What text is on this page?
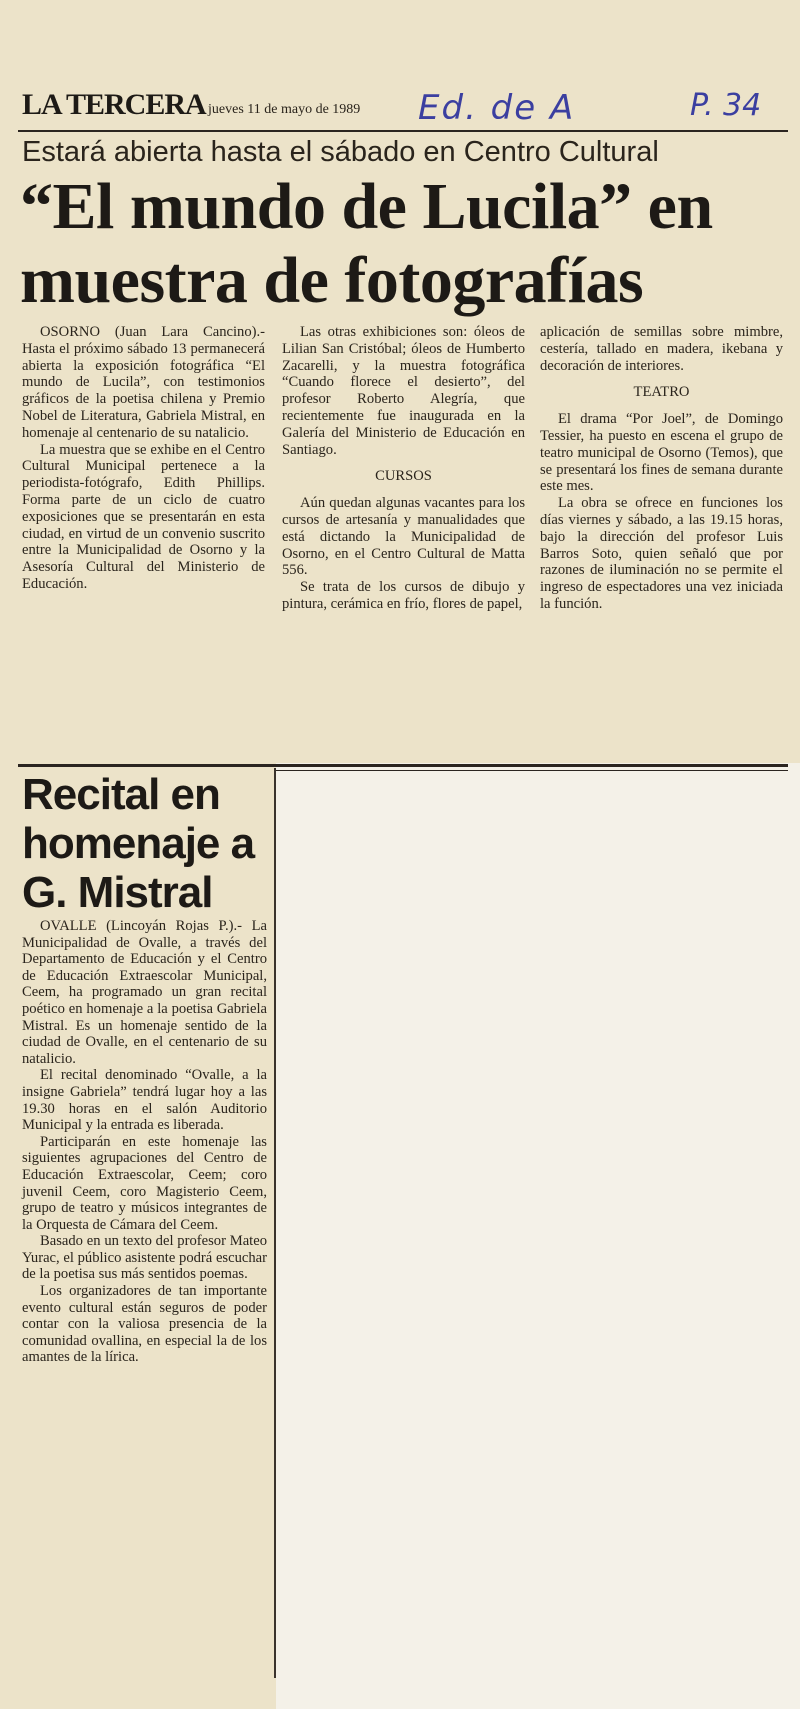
LA TERCERA jueves 11 de mayo de 1989 Ed. de A	P. 34
Estará abierta hasta el sábado en Centro Cultural
“El mundo de Lucila” en muestra de fotografías

OSORNO (Juan Lara Cancino).- Hasta el próximo sábado 13 permanecerá abierta la exposición fotográfica “El mundo de Lucila”, con testimonios gráficos de la poetisa chilena y Premio Nobel de Literatura, Gabriela Mistral, en homenaje al centenario de su natalicio.

La muestra que se exhibe en el Centro Cultural Municipal pertenece a la periodista-fotógrafo, Edith Phillips. Forma parte de un ciclo de cuatro exposiciones que se presentarán en esta ciudad, en virtud de un convenio suscrito entre la Municipalidad de Osorno y la Asesoría Cultural del Ministerio de Educación.

Las otras exhibiciones son: óleos de Lilian San Cristóbal; óleos de Humberto Zacarelli, y la muestra fotográfica “Cuando florece el desierto”, del profesor Roberto Alegría, que recientemente fue inaugurada en la Galería del Ministerio de Educación en Santiago.

CURSOS

Aún quedan algunas vacantes para los cursos de artesanía y manualidades que está dictando la Municipalidad de Osorno, en el Centro Cultural de Matta 556.

Se trata de los cursos de dibujo y pintura, cerámica en frío, flores de papel,

aplicación de semillas sobre mimbre, cestería, tallado en madera, ikebana y decoración de interiores.

TEATRO

El drama “Por Joel”, de Domingo Tessier, ha puesto en escena el grupo de teatro municipal de Osorno (Temos), que se presentará los fines de semana durante este mes.

La obra se ofrece en funciones los días viernes y sábado, a las 19.15 horas, bajo la dirección del profesor Luis Barros Soto, quien señaló que por razones de iluminación no se permite el ingreso de espectadores una vez iniciada la función.

Recital en homenaje a G. Mistral

OVALLE (Lincoyán Rojas P.).- La Municipalidad de Ovalle, a través del Departamento de Educación y el Centro de Educación Extraescolar Municipal, Ceem, ha programado un gran recital poético en homenaje a la poetisa Gabriela Mistral. Es un homenaje sentido de la ciudad de Ovalle, en el centenario de su natalicio.

El recital denominado “Ovalle, a la insigne Gabriela” tendrá lugar hoy a las 19.30 horas en el salón Auditorio Municipal y la entrada es liberada.

Participarán en este homenaje las siguientes agrupaciones del Centro de Educación Extraescolar, Ceem; coro juvenil Ceem, coro Magisterio Ceem, grupo de teatro y músicos integrantes de la Orquesta de Cámara del Ceem.

Basado en un texto del profesor Mateo Yurac, el público asistente podrá escuchar de la poetisa sus más sentidos poemas.

Los organizadores de tan importante evento cultural están seguros de poder contar con la valiosa presencia de la comunidad ovallina, en especial la de los amantes de la lírica.
